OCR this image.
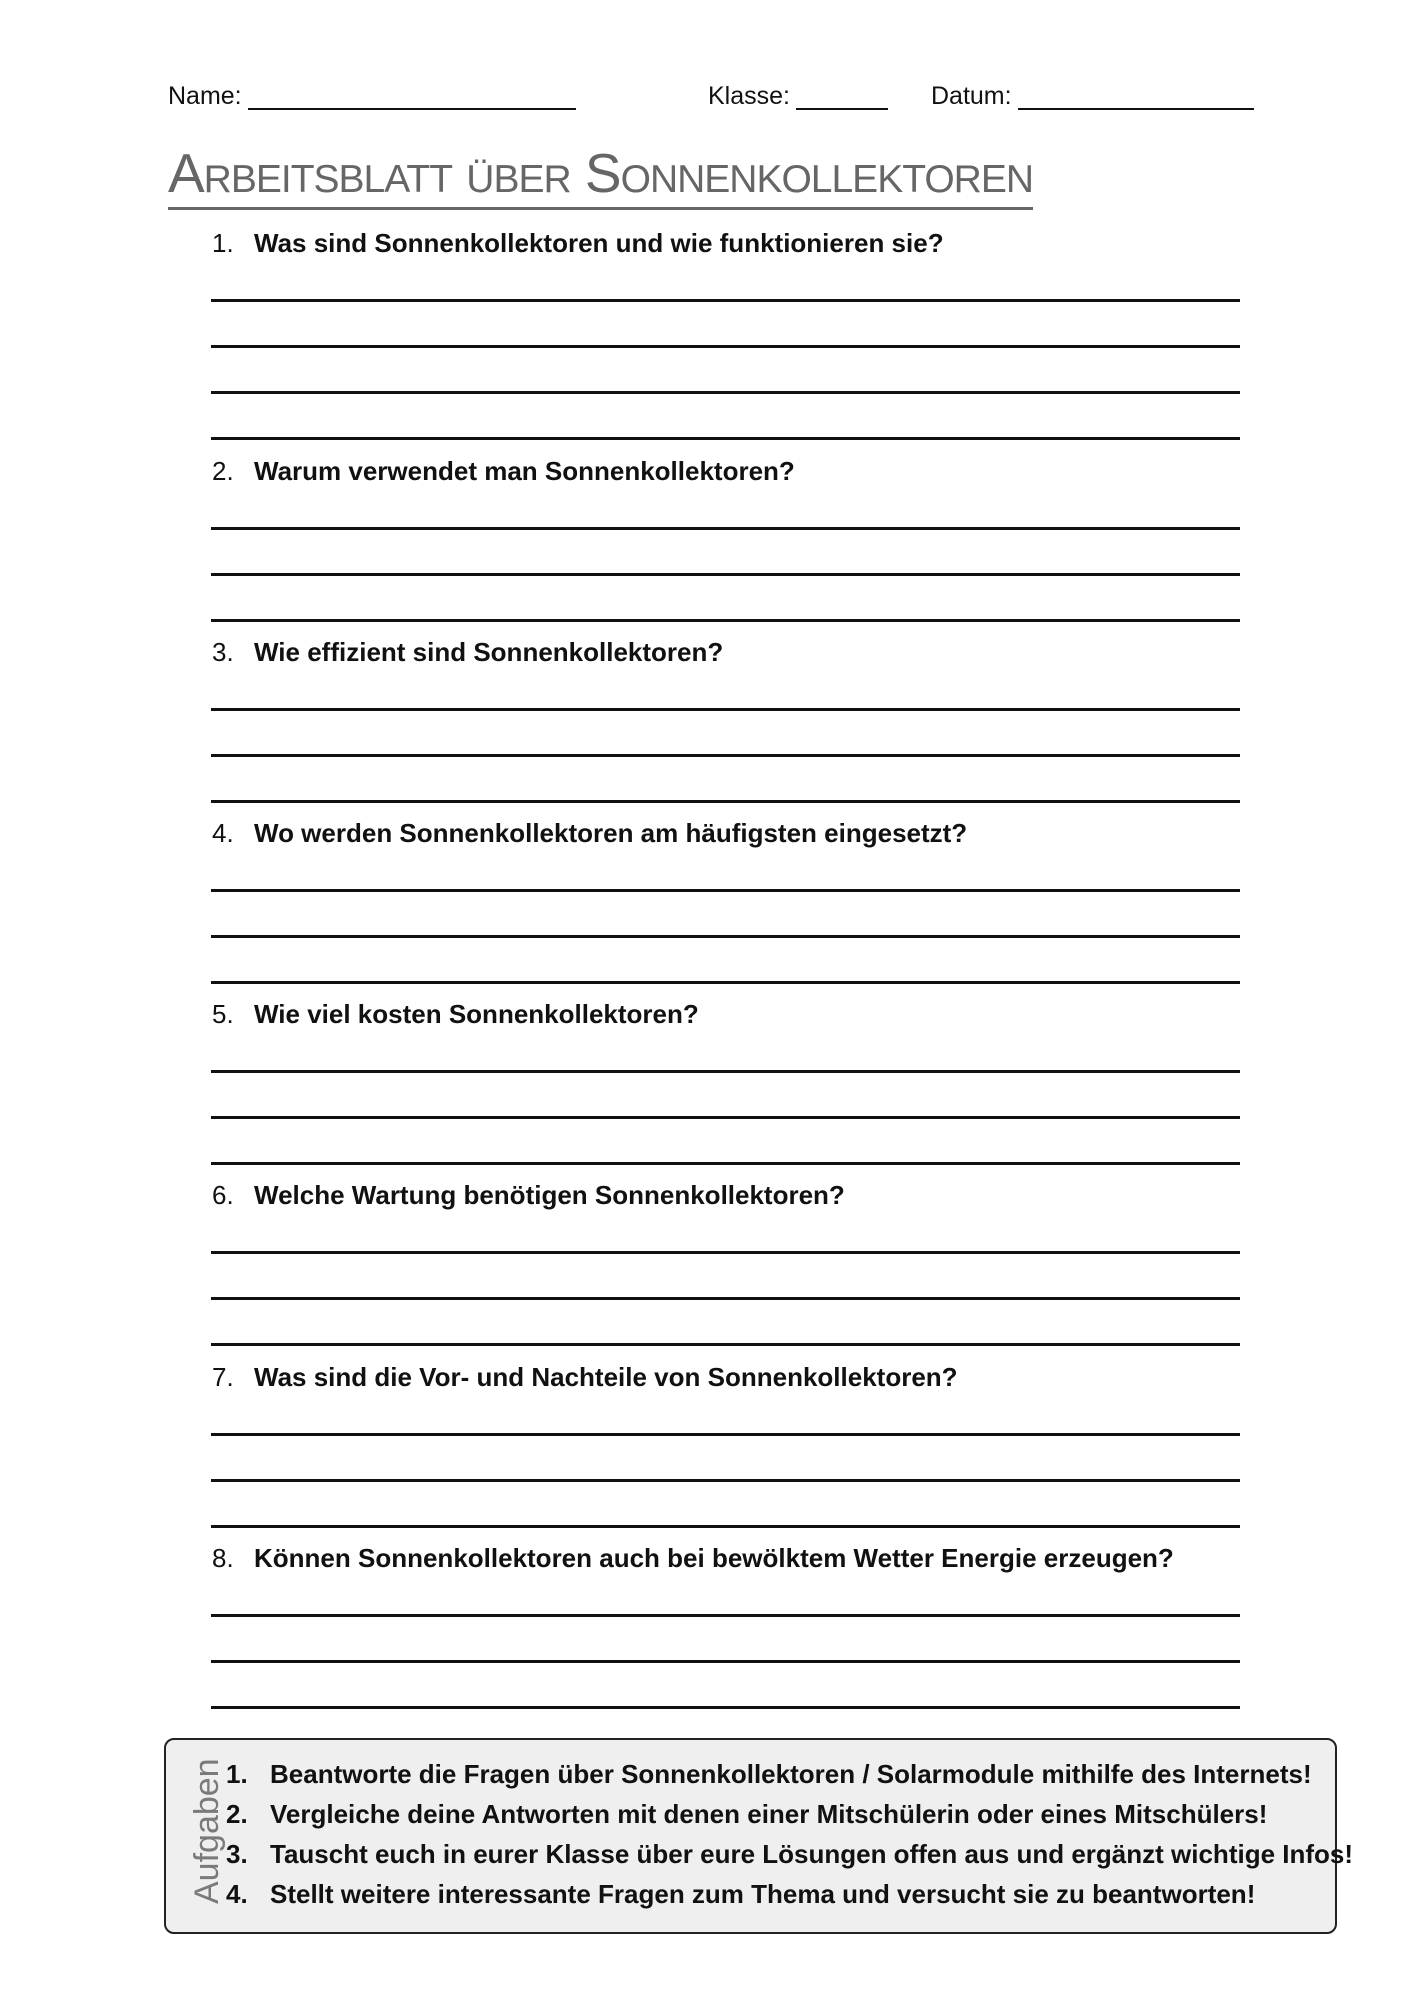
Name:	Klasse:	Datum:
Arbeitsblatt über Sonnenkollektoren
1. Was sind Sonnenkollektoren und wie funktionieren sie?
2. Warum verwendet man Sonnenkollektoren?
3. Wie effizient sind Sonnenkollektoren?
4. Wo werden Sonnenkollektoren am häufigsten eingesetzt?
5. Wie viel kosten Sonnenkollektoren?
6. Welche Wartung benötigen Sonnenkollektoren?
7. Was sind die Vor- und Nachteile von Sonnenkollektoren?
8. Können Sonnenkollektoren auch bei bewölktem Wetter Energie erzeugen?
Aufgaben 1. Beantworte die Fragen über Sonnenkollektoren / Solarmodule mithilfe des Internets!
2. Vergleiche deine Antworten mit denen einer Mitschülerin oder eines Mitschülers!
3. Tauscht euch in eurer Klasse über eure Lösungen offen aus und ergänzt wichtige Infos!
4. Stellt weitere interessante Fragen zum Thema und versucht sie zu beantworten!
